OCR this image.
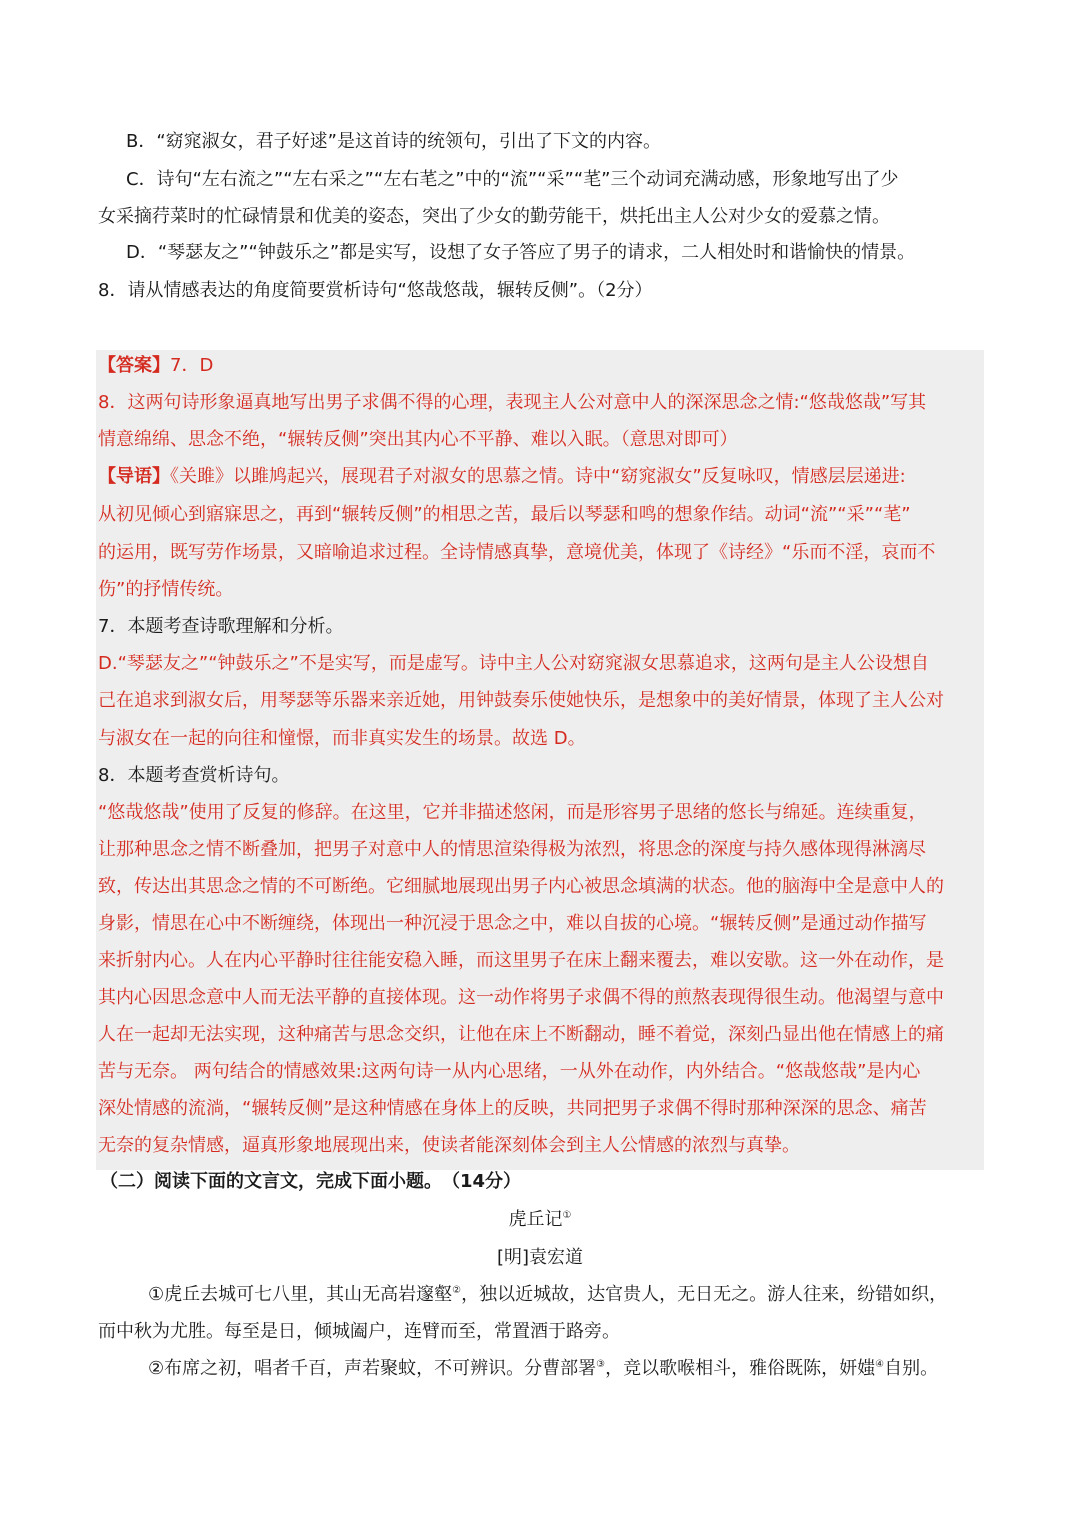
B．“窈窕淑女，君子好逑”是这首诗的统领句，引出了下文的内容。
C．诗句“左右流之”“左右采之”“左右芼之”中的“流”“采”“芼”三个动词充满动感，形象地写出了少
女采摘荇菜时的忙碌情景和优美的姿态，突出了少女的勤劳能干，烘托出主人公对少女的爱慕之情。
D．“琴瑟友之”“钟鼓乐之”都是实写，设想了女子答应了男子的请求，二人相处时和谐愉快的情景。
8．请从情感表达的角度简要赏析诗句“悠哉悠哉，辗转反侧”。（2分）
【答案】7．D
8．这两句诗形象逼真地写出男子求偶不得的心理，表现主人公对意中人的深深思念之情:“悠哉悠哉”写其
情意绵绵、思念不绝，“辗转反侧”突出其内心不平静、难以入眠。（意思对即可）
【导语】《关雎》以雎鸠起兴，展现君子对淑女的思慕之情。诗中“窈窕淑女”反复咏叹，情感层层递进:
从初见倾心到寤寐思之，再到“辗转反侧”的相思之苦，最后以琴瑟和鸣的想象作结。动词“流”“采”“芼”
的运用，既写劳作场景，又暗喻追求过程。全诗情感真挚，意境优美，体现了《诗经》“乐而不淫，哀而不
伤”的抒情传统。
7．本题考查诗歌理解和分析。
D.“琴瑟友之”“钟鼓乐之”不是实写，而是虚写。诗中主人公对窈窕淑女思慕追求，这两句是主人公设想自
己在追求到淑女后，用琴瑟等乐器来亲近她，用钟鼓奏乐使她快乐，是想象中的美好情景，体现了主人公对
与淑女在一起的向往和憧憬，而非真实发生的场景。故选 D。
8．本题考查赏析诗句。
“悠哉悠哉”使用了反复的修辞。在这里，它并非描述悠闲，而是形容男子思绪的悠长与绵延。连续重复，
让那种思念之情不断叠加，把男子对意中人的情思渲染得极为浓烈，将思念的深度与持久感体现得淋漓尽
致，传达出其思念之情的不可断绝。它细腻地展现出男子内心被思念填满的状态。他的脑海中全是意中人的
身影，情思在心中不断缠绕，体现出一种沉浸于思念之中，难以自拔的心境。“辗转反侧”是通过动作描写
来折射内心。人在内心平静时往往能安稳入睡，而这里男子在床上翻来覆去，难以安歇。这一外在动作，是
其内心因思念意中人而无法平静的直接体现。这一动作将男子求偶不得的煎熬表现得很生动。他渴望与意中
人在一起却无法实现，这种痛苦与思念交织，让他在床上不断翻动，睡不着觉，深刻凸显出他在情感上的痛
苦与无奈。 两句结合的情感效果:这两句诗一从内心思绪，一从外在动作，内外结合。“悠哉悠哉”是内心
深处情感的流淌，“辗转反侧”是这种情感在身体上的反映，共同把男子求偶不得时那种深深的思念、痛苦
无奈的复杂情感，逼真形象地展现出来，使读者能深刻体会到主人公情感的浓烈与真挚。
（二）阅读下面的文言文，完成下面小题。　（14分）
虎丘记①
[明]袁宏道
①虎丘去城可七八里，其山无高岩邃壑②，独以近城故，达官贵人，无日无之。游人往来，纷错如织，
而中秋为尤胜。每至是日，倾城阖户，连臂而至，常置酒于路旁。
②布席之初，唱者千百，声若聚蚊，不可辨识。分曹部署③，竞以歌喉相斗，雅俗既陈，妍媸④自别。
